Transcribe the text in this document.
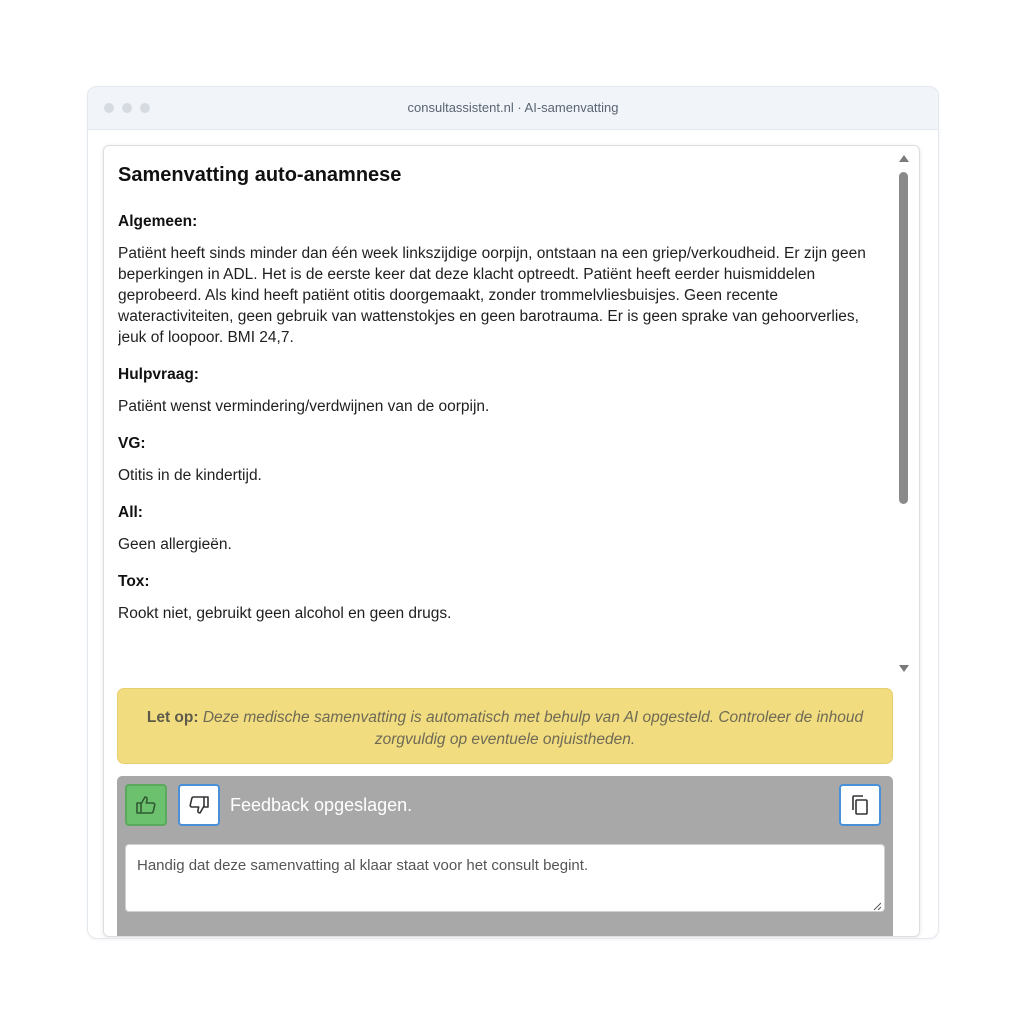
consultassistent.nl · AI-samenvatting
Samenvatting auto-anamnese
Algemeen:
Patiënt heeft sinds minder dan één week linkszijdige oorpijn, ontstaan na een griep/verkoudheid. Er zijn geen beperkingen in ADL. Het is de eerste keer dat deze klacht optreedt. Patiënt heeft eerder huismiddelen geprobeerd. Als kind heeft patiënt otitis doorgemaakt, zonder trommelvliesbuisjes. Geen recente wateractiviteiten, geen gebruik van wattenstokjes en geen barotrauma. Er is geen sprake van gehoorverlies, jeuk of loopoor. BMI 24,7.
Hulpvraag:
Patiënt wenst vermindering/verdwijnen van de oorpijn.
VG:
Otitis in de kindertijd.
All:
Geen allergieën.
Tox:
Rookt niet, gebruikt geen alcohol en geen drugs.
Let op: Deze medische samenvatting is automatisch met behulp van AI opgesteld. Controleer de inhoud zorgvuldig op eventuele onjuistheden.
Feedback opgeslagen.
Handig dat deze samenvatting al klaar staat voor het consult begint.
